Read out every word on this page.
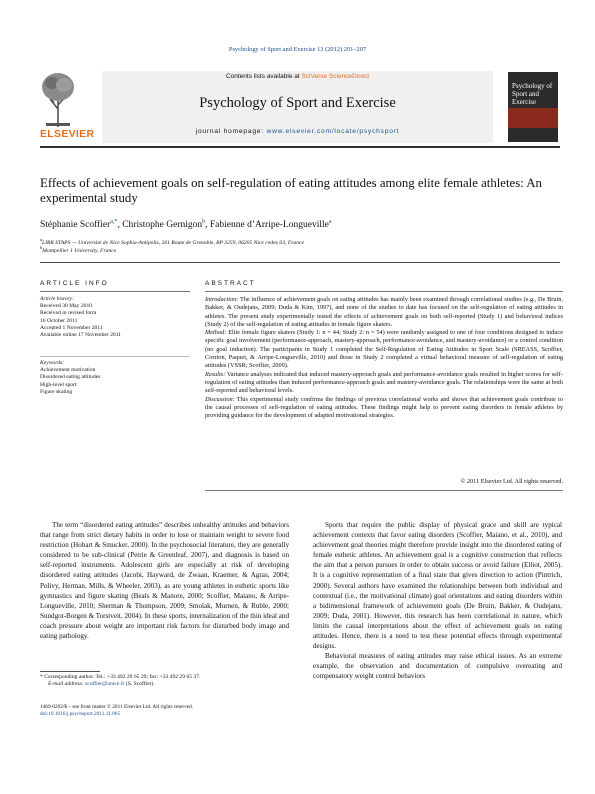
Psychology of Sport and Exercise 13 (2012) 201–207
ELSEVIER
Contents lists available at SciVerse ScienceDirect
Psychology of Sport and Exercise
journal homepage: www.elsevier.com/locate/psychsport
Psychology of Sport and Exercise
Effects of achievement goals on self-regulation of eating attitudes among elite female athletes: An experimental study
Stéphanie Scoffier$^{a,*}$, Christophe Gernigon$^b$, Fabienne d’Arripe-Longueville$^a$
$^a$LIRR STAPS — Université de Nice Sophia-Antipolis, 261 Route de Grenoble, BP 3259, 06205 Nice cedex 03, France
$^b$Montpellier 1 University, France
ARTICLE INFO
Article history:
Received 30 May 2010
Received in revised form
16 October 2011
Accepted 1 November 2011
Available online 17 November 2011
Keywords:
Achievement motivation
Disordered eating attitudes
High-level sport
Figure skating
ABSTRACT

Introduction: The influence of achievement goals on eating attitudes has mainly been examined through correlational studies (e.g., De Bruin, Bakker, & Oudejans, 2009; Duda & Kim, 1997), and none of the studies to date has focused on the self-regulation of eating attitudes in athletes. The present study experimentally tested the effects of achievement goals on both self-reported (Study 1) and behavioral indices (Study 2) of the self-regulation of eating attitudes in female figure skaters.

Method: Elite female figure skaters (Study 1: n = 44; Study 2: n = 54) were randomly assigned to one of four conditions designed to induce specific goal involvement (performance-approach, mastery-approach, performance-avoidance, and mastery-avoidance) or a control condition (no goal induction). The participants in Study 1 completed the Self-Regulation of Eating Attitudes in Sport Scale (SREASS, Scoffier, Corrion, Paquet, & Arripe-Longueville, 2010) and those in Study 2 completed a virtual behavioral measure of self-regulation of eating attitudes (VSSR; Scoffier, 2009).

Results: Variance analyses indicated that induced mastery-approach goals and performance-avoidance goals resulted in higher scores for self-regulation of eating attitudes than induced performance-approach goals and mastery-avoidance goals. The relationships were the same at both self-reported and behavioral levels.

Discussion: This experimental study confirms the findings of previous correlational works and shows that achievement goals contribute to the causal processes of self-regulation of eating attitudes. These findings might help to prevent eating disorders in female athletes by providing guidance for the development of adapted motivational strategies.

© 2011 Elsevier Ltd. All rights reserved.

The term “disordered eating attitudes” describes unhealthy attitudes and behaviors that range from strict dietary habits in order to lose or maintain weight to severe food restriction (Hobart & Smucker, 2000). In the psychosocial literature, they are generally considered to be sub-clinical (Petrie & Greenleaf, 2007), and diagnosis is based on self-reported instruments. Adolescent girls are especially at risk of developing disordered eating attitudes (Jacobi, Hayward, de Zwaan, Kraemer, & Agras, 2004; Polivy, Herman, Mills, & Wheeler, 2003), as are young athletes in esthetic sports like gymnastics and figure skating (Beals & Manore, 2000; Scoffier, Maiano, & Arripe-Longueville, 2010; Sherman & Thompson, 2009; Smolak, Murnen, & Ruble, 2000; Sundgot-Borgen & Torstveit, 2004). In these sports, internalization of the thin ideal and coach pressure about weight are important risk factors for disturbed body image and eating pathology.

Sports that require the public display of physical grace and skill are typical achievement contexts that favor eating disorders (Scoffier, Maiano, et al., 2010), and achievement goal theories might therefore provide insight into the disordered eating of female esthetic athletes. An achievement goal is a cognitive construction that reflects the aim that a person pursues in order to obtain success or avoid failure (Elliot, 2005). It is a cognitive representation of a final state that gives direction to action (Pintrich, 2000). Several authors have examined the relationships between both individual and contextual (i.e., the motivational climate) goal orientations and eating disorders within a bidimensional framework of achievement goals (De Bruin, Bakker, & Oudejans, 2009; Duda, 2001). However, this research has been correlational in nature, which limits the causal interpretations about the effect of achievement goals on eating attitudes. Hence, there is a need to test these potential effects through experimental designs.

Behavioral measures of eating attitudes may raise ethical issues. As an extreme example, the observation and documentation of compulsive overeating and compensatory weight control behaviors

* Corresponding author. Tel.: +33 492 29 65 29; fax: +33 492 29 65 37.
E-mail address: scoffier@unice.fr (S. Scoffier).
1469-0292/$ – see front matter © 2011 Elsevier Ltd. All rights reserved.
doi:10.1016/j.psychsport.2011.11.005
